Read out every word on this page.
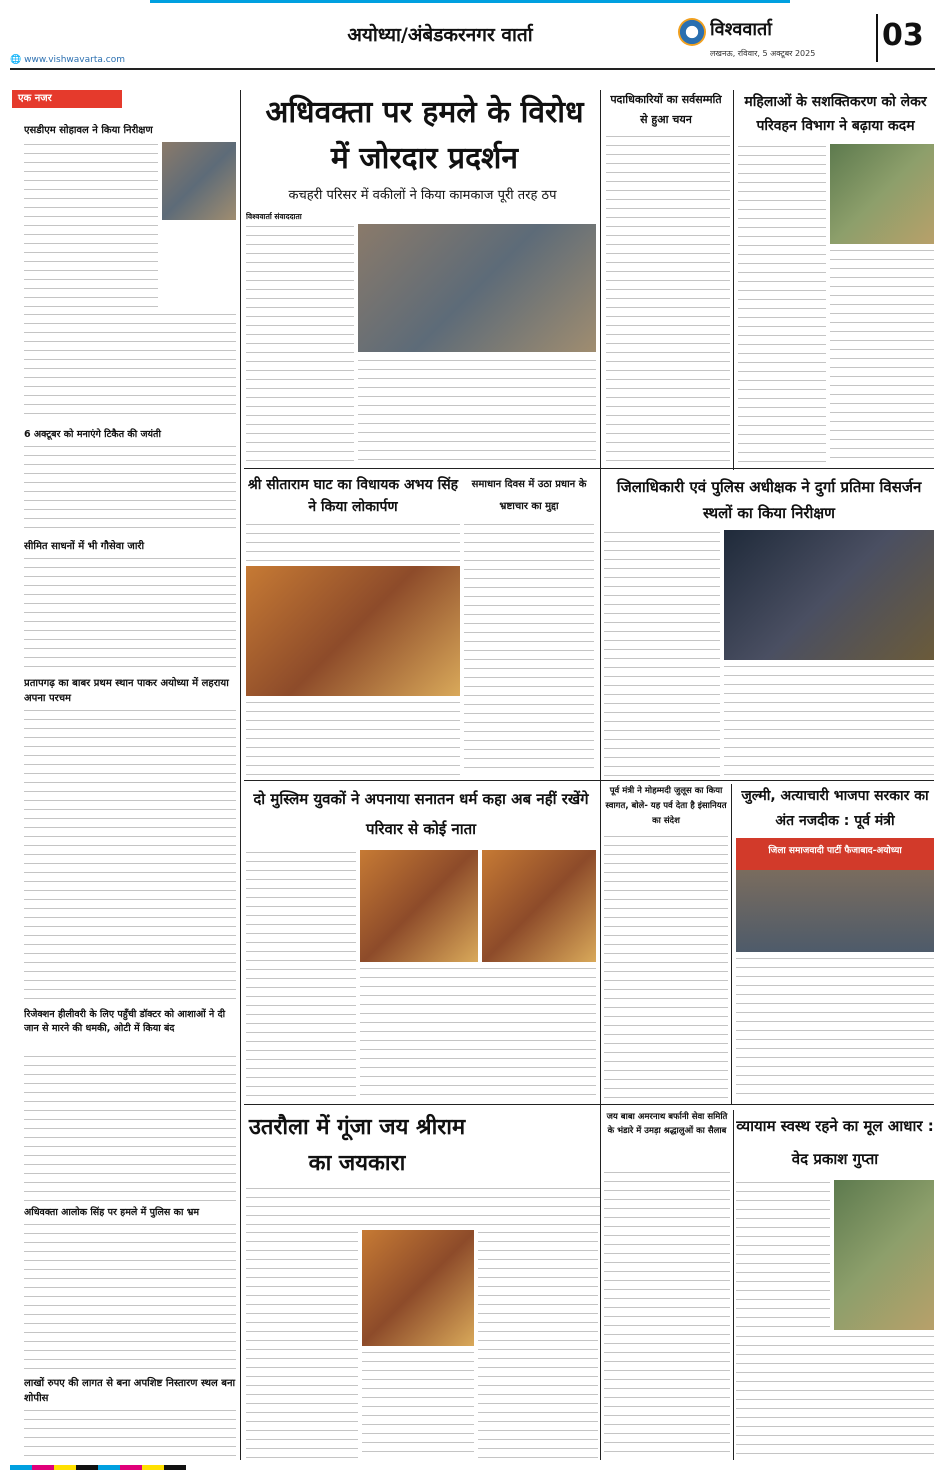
अयोध्या/अंबेडकरनगर वार्ता
🌐 www.vishwavarta.com
विश्ववार्ता
लखनऊ, रविवार, 5 अक्टूबर 2025
03
एक नजर
एसडीएम सोहावल ने किया निरीक्षण
6 अक्टूबर को मनाएंगे टिकैत की जयंती
सीमित साधनों में भी गौसेवा जारी
प्रतापगढ़ का बाबर प्रथम स्थान पाकर अयोध्या में लहराया अपना परचम
रिजेक्शन हीलीवरी के लिए पहुँची डॉक्टर को आशाओं ने दी जान से मारने की धमकी, ओटी में किया बंद
अधिवक्ता आलोक सिंह पर हमले में पुलिस का भ्रम
लाखों रुपए की लागत से बना अपशिष्ट निस्तारण स्थल बना शोपीस
अधिवक्ता पर हमले के विरोध में जोरदार प्रदर्शन
कचहरी परिसर में वकीलों ने किया कामकाज पूरी तरह ठप
विश्ववार्ता संवाददाता
पदाधिकारियों का सर्वसम्मति से हुआ चयन
महिलाओं के सशक्तिकरण को लेकर परिवहन विभाग ने बढ़ाया कदम
श्री सीताराम घाट का विधायक अभय सिंह ने किया लोकार्पण
समाधान दिवस में उठा प्रधान के भ्रष्टाचार का मुद्दा
जिलाधिकारी एवं पुलिस अधीक्षक ने दुर्गा प्रतिमा विसर्जन स्थलों का किया निरीक्षण
दो मुस्लिम युवकों ने अपनाया सनातन धर्म कहा अब नहीं रखेंगे परिवार से कोई नाता
पूर्व मंत्री ने मोहम्मदी जुलूस का किया स्वागत, बोले- यह पर्व देता है इंसानियत का संदेश
जुल्मी, अत्याचारी भाजपा सरकार का अंत नजदीक : पूर्व मंत्री
जिला समाजवादी पार्टी फैजाबाद-अयोध्या
उतरौला में गूंजा जय श्रीराम का जयकारा
जय बाबा अमरनाथ बर्फानी सेवा समिति के भंडारे में उमड़ा श्रद्धालुओं का सैलाब व्यायाम स्वस्थ रहने का मूल आधार : वेद प्रकाश गुप्ता
